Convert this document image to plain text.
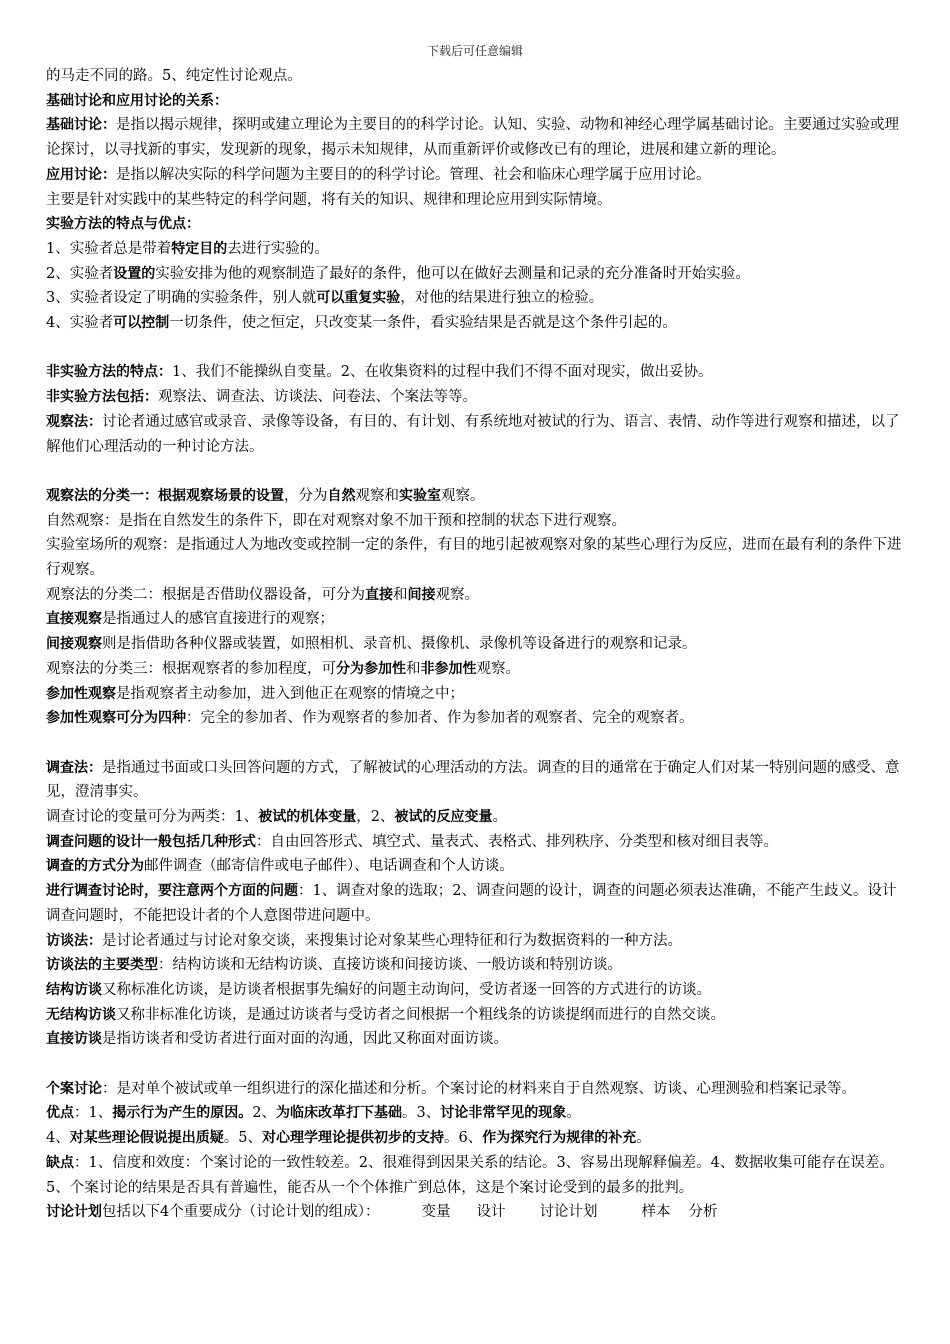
下载后可任意编辑

的马走不同的路。5、纯定性讨论观点。

基础讨论和应用讨论的关系：

基础讨论：是指以揭示规律，探明或建立理论为主要目的的科学讨论。认知、实验、动物和神经心理学属基础讨论。主要通过实验或理论探讨，以寻找新的事实，发现新的现象，揭示未知规律，从而重新评价或修改已有的理论，进展和建立新的理论。

应用讨论：是指以解决实际的科学问题为主要目的的科学讨论。管理、社会和临床心理学属于应用讨论。

主要是针对实践中的某些特定的科学问题，将有关的知识、规律和理论应用到实际情境。

实验方法的特点与优点：

1、实验者总是带着特定目的去进行实验的。

2、实验者设置的实验安排为他的观察制造了最好的条件，他可以在做好去测量和记录的充分准备时开始实验。

3、实验者设定了明确的实验条件，别人就可以重复实验，对他的结果进行独立的检验。

4、实验者可以控制一切条件，使之恒定，只改变某一条件，看实验结果是否就是这个条件引起的。

非实验方法的特点：1、我们不能操纵自变量。2、在收集资料的过程中我们不得不面对现实，做出妥协。

非实验方法包括：观察法、调查法、访谈法、问卷法、个案法等等。

观察法：讨论者通过感官或录音、录像等设备，有目的、有计划、有系统地对被试的行为、语言、表情、动作等进行观察和描述，以了解他们心理活动的一种讨论方法。

观察法的分类一：根据观察场景的设置，分为自然观察和实验室观察。

自然观察：是指在自然发生的条件下，即在对观察对象不加干预和控制的状态下进行观察。

实验室场所的观察：是指通过人为地改变或控制一定的条件，有目的地引起被观察对象的某些心理行为反应，进而在最有利的条件下进行观察。

观察法的分类二：根据是否借助仪器设备，可分为直接和间接观察。

直接观察是指通过人的感官直接进行的观察；

间接观察则是指借助各种仪器或装置，如照相机、录音机、摄像机、录像机等设备进行的观察和记录。

观察法的分类三：根据观察者的参加程度，可分为参加性和非参加性观察。

参加性观察是指观察者主动参加，进入到他正在观察的情境之中；

参加性观察可分为四种：完全的参加者、作为观察者的参加者、作为参加者的观察者、完全的观察者。

调查法：是指通过书面或口头回答问题的方式，了解被试的心理活动的方法。调查的目的通常在于确定人们对某一特别问题的感受、意见，澄清事实。

调查讨论的变量可分为两类：1、被试的机体变量，2、被试的反应变量。

调查问题的设计一般包括几种形式：自由回答形式、填空式、量表式、表格式、排列秩序、分类型和核对细目表等。

调查的方式分为邮件调查（邮寄信件或电子邮件）、电话调查和个人访谈。

进行调查讨论时，要注意两个方面的问题：1、调查对象的选取；2、调查问题的设计，调查的问题必须表达准确，不能产生歧义。设计调查问题时，不能把设计者的个人意图带进问题中。

访谈法：是讨论者通过与讨论对象交谈，来搜集讨论对象某些心理特征和行为数据资料的一种方法。

访谈法的主要类型：结构访谈和无结构访谈、直接访谈和间接访谈、一般访谈和特别访谈。

结构访谈又称标准化访谈，是访谈者根据事先编好的问题主动询问，受访者逐一回答的方式进行的访谈。

无结构访谈又称非标准化访谈，是通过访谈者与受访者之间根据一个粗线条的访谈提纲而进行的自然交谈。

直接访谈是指访谈者和受访者进行面对面的沟通，因此又称面对面访谈。

个案讨论：是对单个被试或单一组织进行的深化描述和分析。个案讨论的材料来自于自然观察、访谈、心理测验和档案记录等。

优点：1、揭示行为产生的原因。2、为临床改革打下基础。3、讨论非常罕见的现象。

4、对某些理论假说提出质疑。5、对心理学理论提供初步的支持。6、作为探究行为规律的补充。

缺点：1、信度和效度：个案讨论的一致性较差。2、很难得到因果关系的结论。3、容易出现解释偏差。4、数据收集可能存在误差。5、个案讨论的结果是否具有普遍性，能否从一个个体推广到总体，这是个案讨论受到的最多的批判。

讨论计划包括以下4个重要成分（讨论计划的组成）：	变量 设计 讨论计划	样本 分析
